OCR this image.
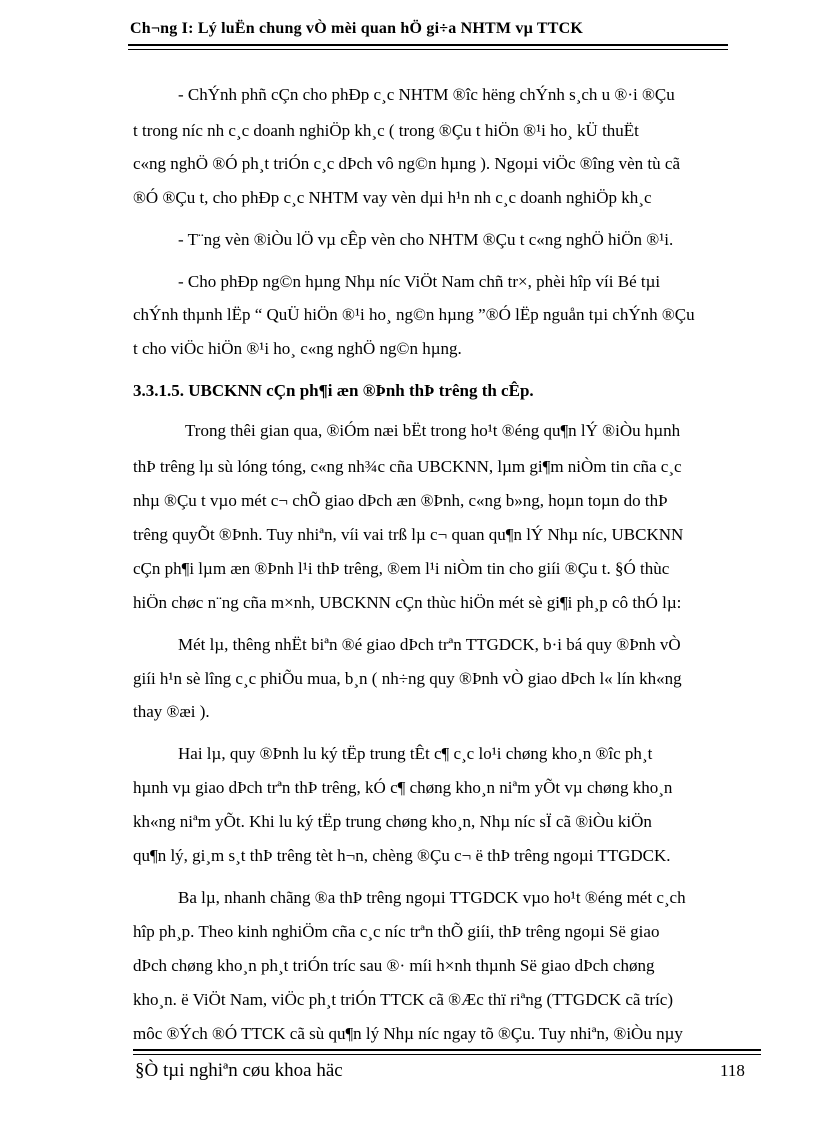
Ch¬ng I: Lý luËn chung vÒ mèi quan hÖ gi÷a NHTM vµ TTCK
- ChÝnh phñ cÇn cho phÐp c¸c NHTM ®îc hëng chÝnh s¸ch u ®·i ®Çu
t trong níc nh c¸c doanh nghiÖp kh¸c ( trong ®Çu t hiÖn ®¹i ho¸ kÜ thuËt
c«ng nghÖ ®Ó ph¸t triÓn c¸c dÞch vô ng©n hµng ). Ngoµi viÖc ®îng vèn tù cã
®Ó ®Çu t, cho phÐp c¸c NHTM vay vèn dµi h¹n nh c¸c doanh nghiÖp kh¸c
- T¨ng vèn ®iÒu lÖ vµ cÊp vèn cho NHTM ®Çu t c«ng nghÖ hiÖn ®¹i.
- Cho phÐp ng©n hµng Nhµ níc ViÖt Nam chñ tr×, phèi hîp víi Bé tµi
chÝnh thµnh lËp “ QuÜ hiÖn ®¹i ho¸ ng©n hµng ”®Ó lËp nguån tµi chÝnh ®Çu
t cho viÖc hiÖn ®¹i ho¸ c«ng nghÖ ng©n hµng.
3.3.1.5. UBCKNN cÇn ph¶i æn ®Þnh thÞ trêng th cÊp.
Trong thêi gian qua, ®iÓm næi bËt trong ho¹t ®éng qu¶n lÝ ®iÒu hµnh
thÞ trêng lµ sù lóng tóng, c«ng nh¾c cña UBCKNN, lµm gi¶m niÒm tin cña c¸c
nhµ ®Çu t vµo mét c¬ chÕ giao dÞch æn ®Þnh, c«ng b»ng, hoµn toµn do thÞ
trêng quyÕt ®Þnh. Tuy nhiªn, víi vai trß lµ c¬ quan qu¶n lÝ Nhµ níc, UBCKNN
cÇn ph¶i lµm æn ®Þnh l¹i thÞ trêng, ®em l¹i niÒm tin cho giíi ®Çu t. §Ó thùc
hiÖn chøc n¨ng cña m×nh, UBCKNN cÇn thùc hiÖn mét sè gi¶i ph¸p cô thÓ lµ:
Mét lµ, thêng nhËt biªn ®é giao dÞch trªn TTGDCK, b·i bá quy ®Þnh vÒ
giíi h¹n sè lîng c¸c phiÕu mua, b¸n ( nh÷ng quy ®Þnh vÒ giao dÞch l« lín kh«ng
thay ®æi ).
Hai lµ, quy ®Þnh lu ký tËp trung tÊt c¶ c¸c lo¹i chøng kho¸n ®îc ph¸t
hµnh vµ giao dÞch trªn thÞ trêng, kÓ c¶ chøng kho¸n niªm yÕt vµ chøng kho¸n
kh«ng niªm yÕt. Khi lu ký tËp trung chøng kho¸n, Nhµ níc sÏ cã ®iÒu kiÖn
qu¶n lý, gi¸m s¸t thÞ trêng tèt h¬n, chèng ®Çu c¬ ë thÞ trêng ngoµi TTGDCK.
Ba lµ, nhanh chãng ®a thÞ trêng ngoµi TTGDCK vµo ho¹t ®éng mét c¸ch
hîp ph¸p. Theo kinh nghiÖm cña c¸c níc trªn thÕ giíi, thÞ trêng ngoµi Së giao
dÞch chøng kho¸n ph¸t triÓn tríc sau ®· míi h×nh thµnh Së giao dÞch chøng
kho¸n. ë ViÖt Nam, viÖc ph¸t triÓn TTCK cã ®Æc thï riªng (TTGDCK cã tríc)
môc ®Ých ®Ó TTCK cã sù qu¶n lý Nhµ níc ngay tõ ®Çu. Tuy nhiªn, ®iÒu nµy
§Ò tµi nghiªn cøu khoa häc	118
